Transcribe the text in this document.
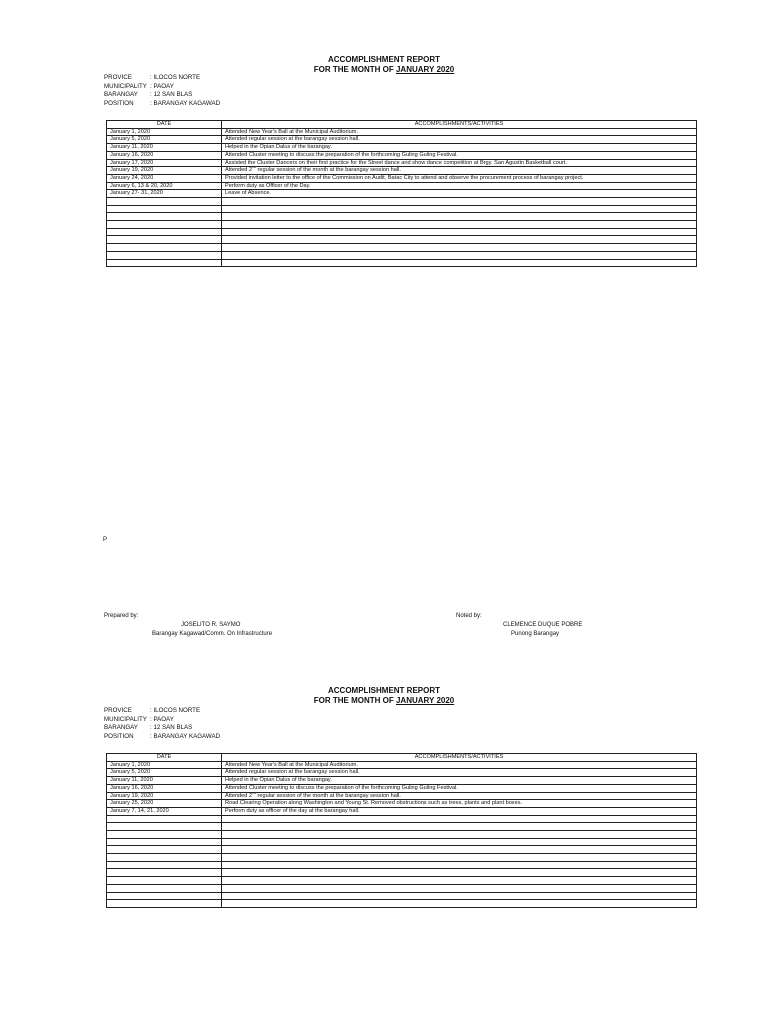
ACCOMPLISHMENT REPORT
FOR THE MONTH OF JANUARY 2020
PROVICE	: ILOCOS NORTE
MUNICIPALITY : PAOAY
BARANGAY : 12 SAN BLAS
POSITION	: BARANGAY KAGAWAD
DATE	ACCOMPLISHMENTS/ACTIVITIES
January 1, 2020	Attended New Year's Ball at the Municipal Auditorium.
January 5, 2020	Attended regular session at the barangay session hall.
January 11, 2020	Helped in the Opian Dalus of the barangay.
January 16, 2020	Attended Cluster meeting to discuss the preparation of the forthcoming Guling Guling Festival.
January 17, 2020	Assisted the Cluster Dancers on their first practice for the Street dance and show dance competition at Brgy. San Agustin Basketball court.
January 19, 2020	Attended 2nd regular session of the month at the barangay session hall.
January 24, 2020	Provided invitation letter to the office of the Commission on Audit, Batac City to attend and observe the procurement process of barangay project.
January 6, 13 & 20, 2020	Perform duty as Officer of the Day.
January 27- 31, 2020	Leave of Absence.

P
Prepared by:
JOSELITO R. SAYMO
Barangay Kagawad/Comm. On Infrastructure
Noted by:
CLEMENCE DUQUE POBRE
Punong Barangay
ACCOMPLISHMENT REPORT
FOR THE MONTH OF JANUARY 2020
PROVICE	: ILOCOS NORTE
MUNICIPALITY : PAOAY
BARANGAY : 12 SAN BLAS
POSITION	: BARANGAY KAGAWAD
DATE	ACCOMPLISHMENTS/ACTIVITIES
January 1, 2020	Attended New Year's Ball at the Municipal Auditorium.
January 5, 2020	Attended regular session at the barangay session hall.
January 11, 2020	Helped in the Opian Dalus of the barangay.
January 16, 2020	Attended Cluster meeting to discuss the preparation of the forthcoming Guling Guling Festival.
January 19, 2020	Attended 2nd regular session of the month at the barangay session hall.
January 25, 2020	Road Clearing Operation along Washington and Young St. Removed obstructions such as trees, plants and plant boxes.
January 7, 14, 21, 2020	Perform duty as officer of the day at the barangay hall.
